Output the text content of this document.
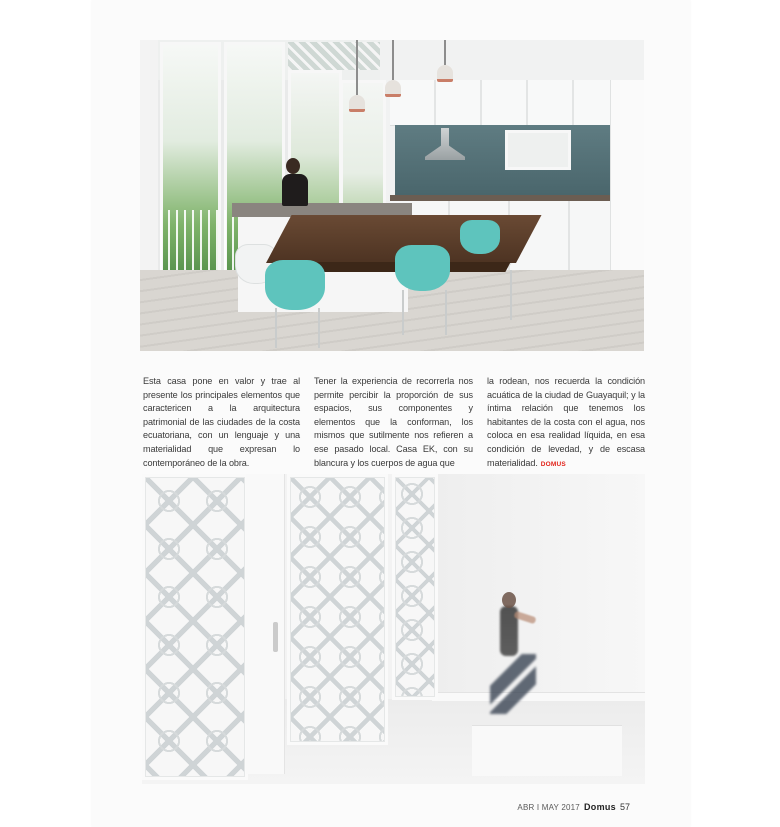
Esta casa pone en valor y trae al presente los principales elementos que caractericen a la arquitectura patrimonial de las ciudades de la costa ecuatoriana, con un lenguaje y una materialidad que expresan lo contemporáneo de la obra.
Tener la experiencia de recorrerla nos permite percibir la proporción de sus espacios, sus componentes y elementos que la conforman, los mismos que sutilmente nos refieren a ese pasado local. Casa EK, con su blancura y los cuerpos de agua que
la rodean, nos recuerda la condición acuática de la ciudad de Guayaquil; y la íntima relación que tenemos los habitantes de la costa con el agua, nos coloca en esa realidad líquida, en esa condición de levedad, y de escasa materialidad. DOMUS
ABR I MAY 2017 Domus 57
